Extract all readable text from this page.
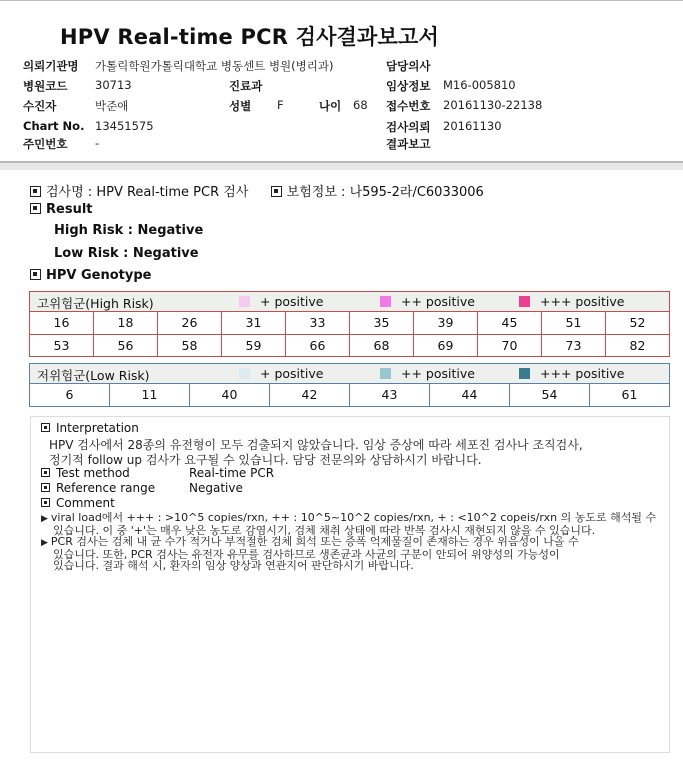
HPV Real-time PCR 검사결과보고서
의뢰기관명 가톨릭학원가톨릭대학교 병동센트 병원(병리과)	담당의사
병원코드 30713	진료과	임상정보 M16-005810
수진자	박준애	성별 F	나이 68 접수번호 20161130-22138
Chart No. 13451575	검사의뢰 20161130
주민번호 -	결과보고
검사명 : HPV Real-time PCR 검사	보험정보 : 나595-2라/C6033006
Result
High Risk : Negative
Low Risk : Negative
HPV Genotype
고위험군(High Risk)	+ positive	++ positive	+++ positive
16	18	26	31	33	35	39	45	51	52
53	56	58	59	66	68	69	70	73	82
저위험군(Low Risk)	+ positive	++ positive	+++ positive
6	11	40	42	43	44	54	61
Interpretation
HPV 검사에서 28종의 유전형이 모두 검출되지 않았습니다. 임상 증상에 따라 세포진 검사나 조직검사,
정기적 follow up 검사가 요구될 수 있습니다. 담당 전문의와 상담하시기 바랍니다.
Test method	Real-time PCR
Reference range	Negative
Comment

▶ viral load에서 +++ : >10^5 copies/rxn, ++ : 10^5~10^2 copies/rxn, + : <10^2 copeis/rxn 의 농도로 해석될 수

있습니다. 이 중 '+'는 매우 낮은 농도로 감염시기, 검체 채취 상태에 따라 반복 검사시 재현되지 않을 수 있습니다.

▶ PCR 검사는 검체 내 균 수가 적거나 부적절한 검체 희석 또는 증폭 억제물질이 존재하는 경우 위음성이 나올 수

있습니다. 또한, PCR 검사는 유전자 유무를 검사하므로 생존균과 사균의 구분이 안되어 위양성의 가능성이

있습니다. 결과 해석 시, 환자의 임상 양상과 연관지어 판단하시기 바랍니다.
